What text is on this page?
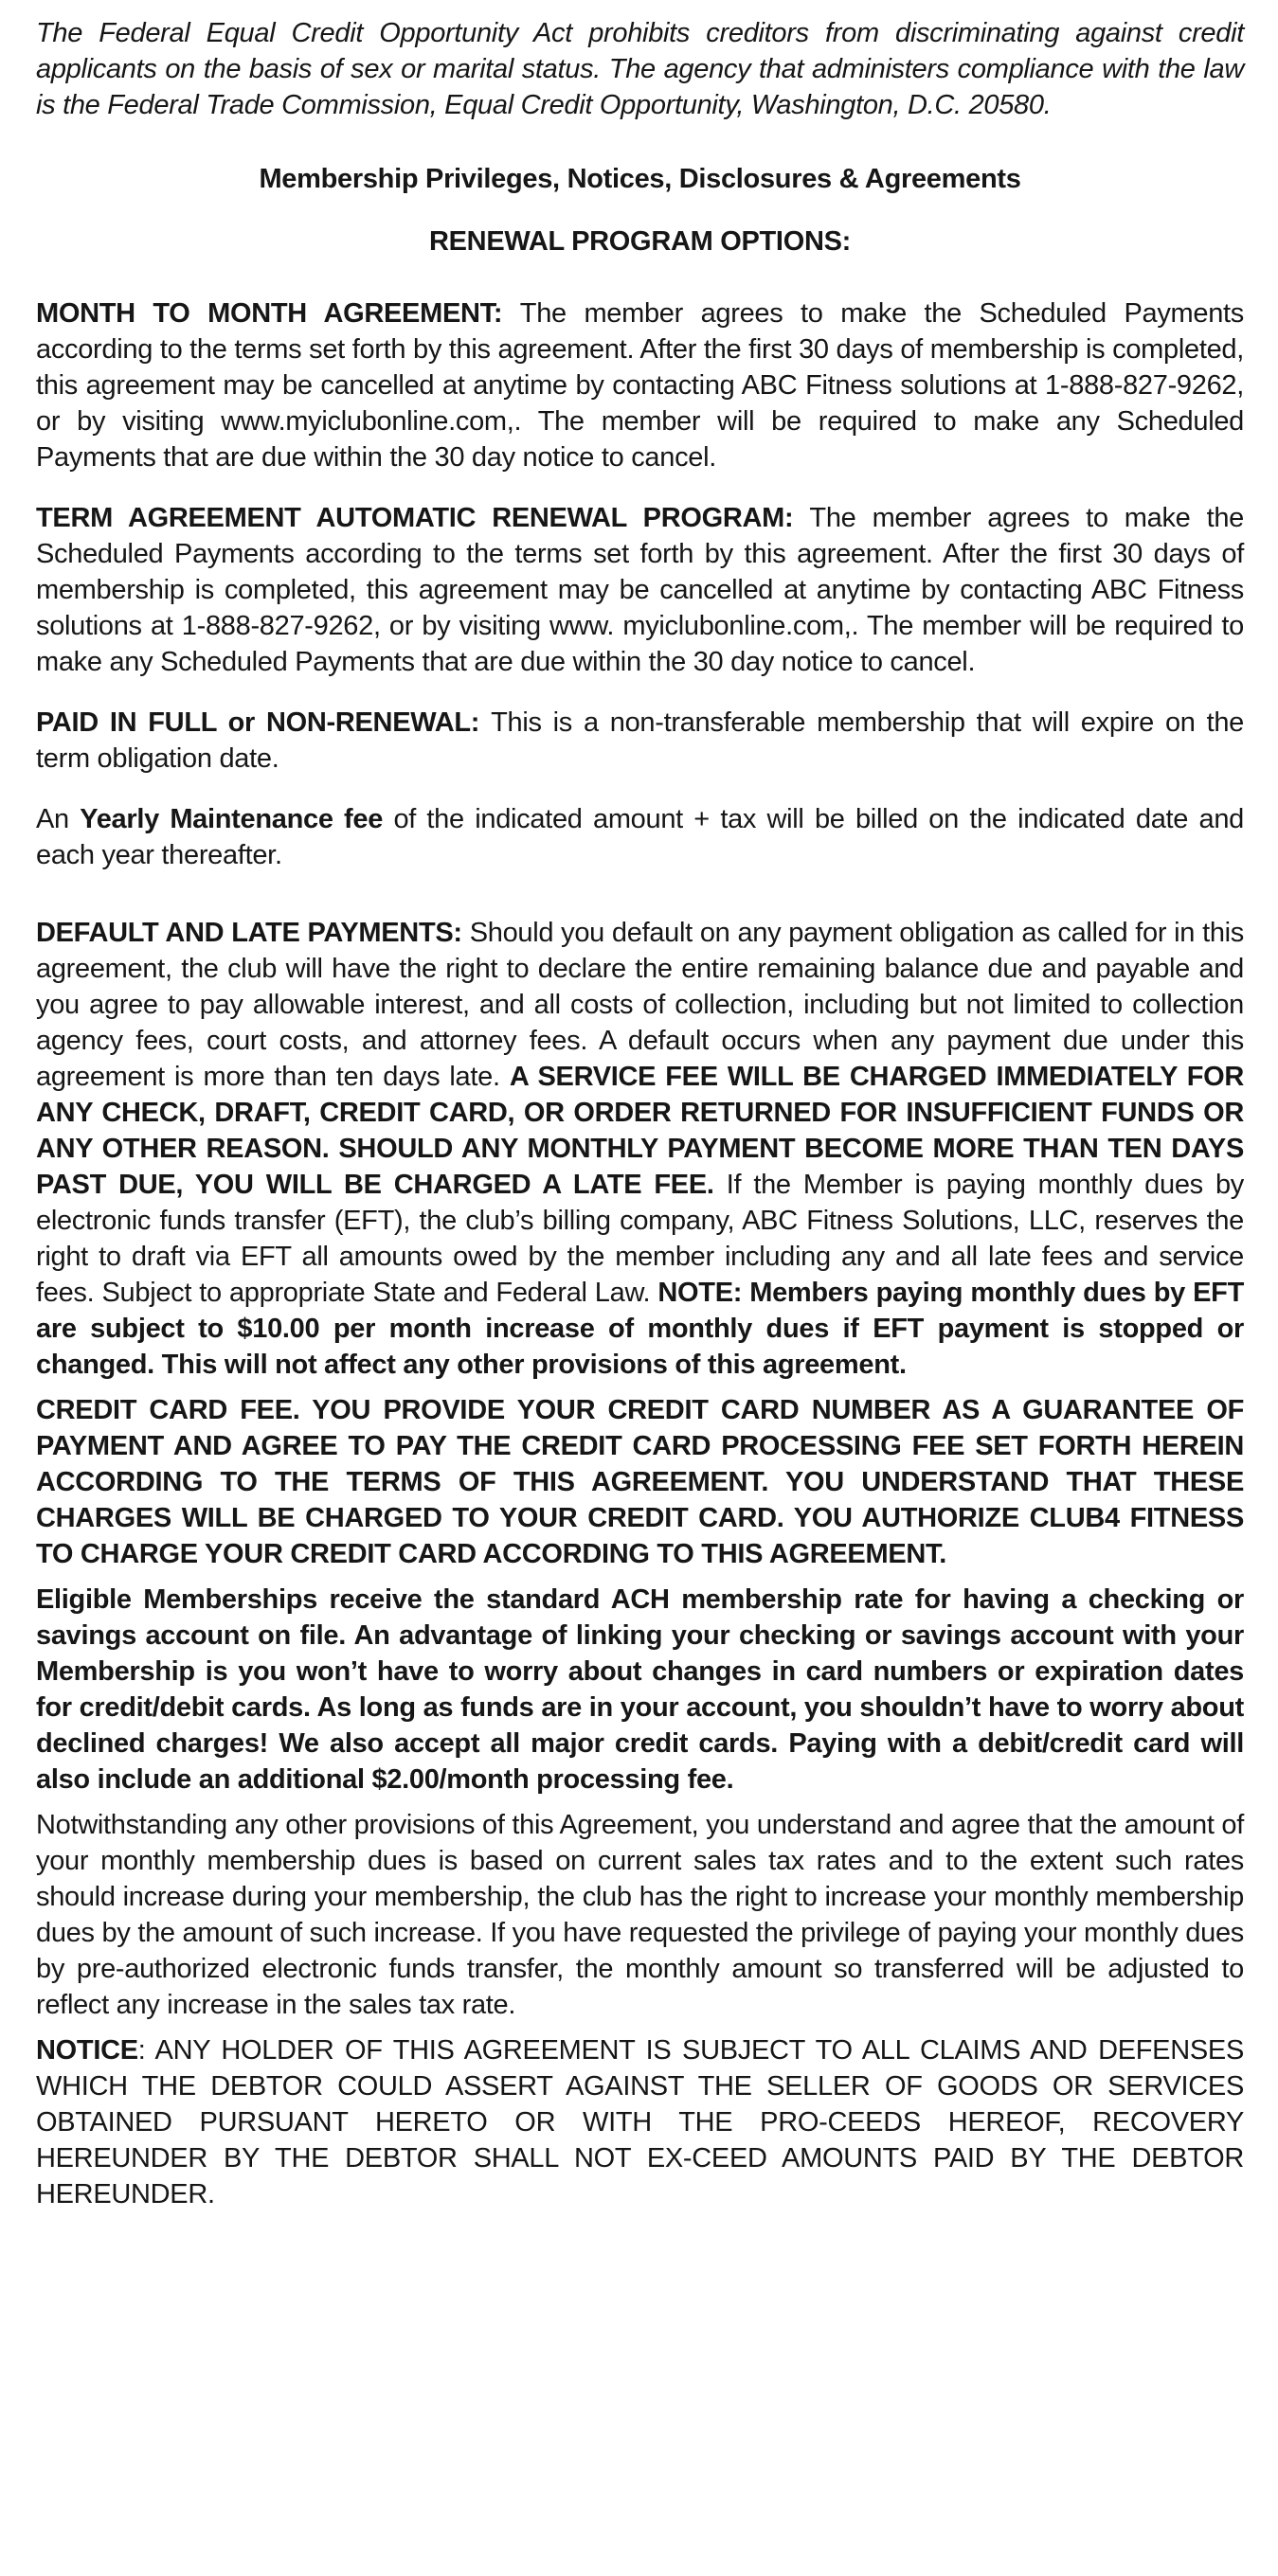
The Federal Equal Credit Opportunity Act prohibits creditors from discriminating against credit applicants on the basis of sex or marital status. The agency that administers compliance with the law is the Federal Trade Commission, Equal Credit Opportunity, Washington, D.C. 20580.

Membership Privileges, Notices, Disclosures & Agreements
RENEWAL PROGRAM OPTIONS:

MONTH TO MONTH AGREEMENT: The member agrees to make the Scheduled Payments according to the terms set forth by this agreement. After the first 30 days of membership is completed, this agreement may be cancelled at anytime by contacting ABC Fitness solutions at 1-888-827-9262, or by visiting www.myiclubonline.com,. The member will be required to make any Scheduled Payments that are due within the 30 day notice to cancel.

TERM AGREEMENT AUTOMATIC RENEWAL PROGRAM: The member agrees to make the Scheduled Payments according to the terms set forth by this agreement. After the first 30 days of membership is completed, this agreement may be cancelled at anytime by contacting ABC Fitness solutions at 1-888-827-9262, or by visiting www. myiclubonline.com,. The member will be required to make any Scheduled Payments that are due within the 30 day notice to cancel.

PAID IN FULL or NON-RENEWAL: This is a non-transferable membership that will expire on the term obligation date.

An Yearly Maintenance fee of the indicated amount + tax will be billed on the indicated date and each year thereafter.

DEFAULT AND LATE PAYMENTS: Should you default on any payment obligation as called for in this agreement, the club will have the right to declare the entire remaining balance due and payable and you agree to pay allowable interest, and all costs of collection, including but not limited to collection agency fees, court costs, and attorney fees. A default occurs when any payment due under this agreement is more than ten days late. A SERVICE FEE WILL BE CHARGED IMMEDIATELY FOR ANY CHECK, DRAFT, CREDIT CARD, OR ORDER RETURNED FOR INSUFFICIENT FUNDS OR ANY OTHER REASON. SHOULD ANY MONTHLY PAYMENT BECOME MORE THAN TEN DAYS PAST DUE, YOU WILL BE CHARGED A LATE FEE. If the Member is paying monthly dues by electronic funds transfer (EFT), the club’s billing company, ABC Fitness Solutions, LLC, reserves the right to draft via EFT all amounts owed by the member including any and all late fees and service fees. Subject to appropriate State and Federal Law. NOTE: Members paying monthly dues by EFT are subject to $10.00 per month increase of monthly dues if EFT payment is stopped or changed. This will not affect any other provisions of this agreement.

CREDIT CARD FEE. YOU PROVIDE YOUR CREDIT CARD NUMBER AS A GUARANTEE OF PAYMENT AND AGREE TO PAY THE CREDIT CARD PROCESSING FEE SET FORTH HEREIN ACCORDING TO THE TERMS OF THIS AGREEMENT. YOU UNDERSTAND THAT THESE CHARGES WILL BE CHARGED TO YOUR CREDIT CARD. YOU AUTHORIZE CLUB4 FITNESS TO CHARGE YOUR CREDIT CARD ACCORDING TO THIS AGREEMENT.

Eligible Memberships receive the standard ACH membership rate for having a checking or savings account on file. An advantage of linking your checking or savings account with your Membership is you won’t have to worry about changes in card numbers or expiration dates for credit/debit cards. As long as funds are in your account, you shouldn’t have to worry about declined charges! We also accept all major credit cards. Paying with a debit/credit card will also include an additional $2.00/month processing fee.

Notwithstanding any other provisions of this Agreement, you understand and agree that the amount of your monthly membership dues is based on current sales tax rates and to the extent such rates should increase during your membership, the club has the right to increase your monthly membership dues by the amount of such increase. If you have requested the privilege of paying your monthly dues by pre-authorized electronic funds transfer, the monthly amount so transferred will be adjusted to reflect any increase in the sales tax rate.

NOTICE: ANY HOLDER OF THIS AGREEMENT IS SUBJECT TO ALL CLAIMS AND DEFENSES WHICH THE DEBTOR COULD ASSERT AGAINST THE SELLER OF GOODS OR SERVICES OBTAINED PURSUANT HERETO OR WITH THE PRO-CEEDS HEREOF, RECOVERY HEREUNDER BY THE DEBTOR SHALL NOT EX-CEED AMOUNTS PAID BY THE DEBTOR HEREUNDER.
